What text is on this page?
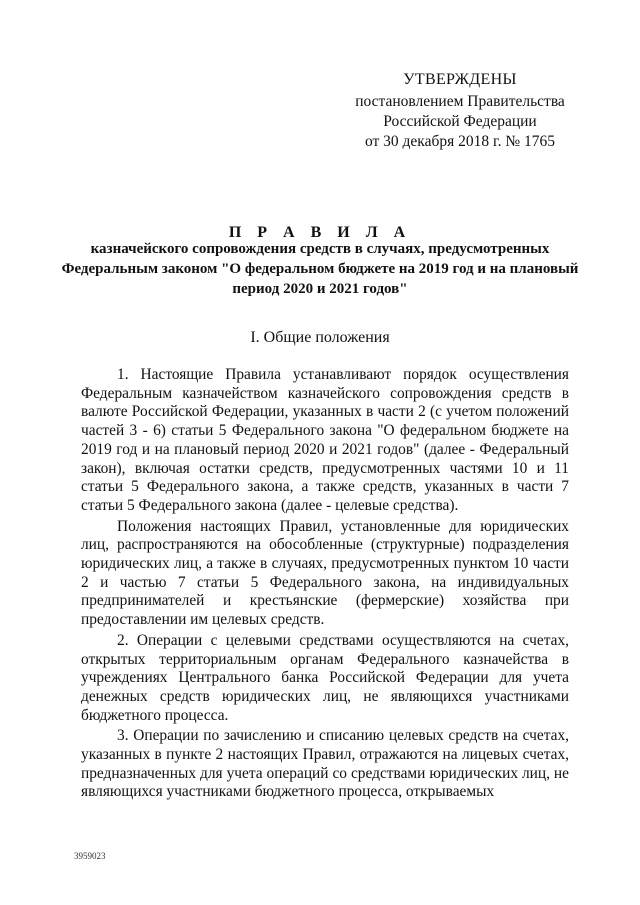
УТВЕРЖДЕНЫ
постановлением Правительства
Российской Федерации
от 30 декабря 2018 г. № 1765
П Р А В И Л А
казначейского сопровождения средств в случаях, предусмотренных Федеральным законом "О федеральном бюджете на 2019 год и на плановый период 2020 и 2021 годов"
I. Общие положения

1. Настоящие Правила устанавливают порядок осуществления Федеральным казначейством казначейского сопровождения средств в валюте Российской Федерации, указанных в части 2 (с учетом положений частей 3 - 6) статьи 5 Федерального закона "О федеральном бюджете на 2019 год и на плановый период 2020 и 2021 годов" (далее - Федеральный закон), включая остатки средств, предусмотренных частями 10 и 11 статьи 5 Федерального закона, а также средств, указанных в части 7 статьи 5 Федерального закона (далее - целевые средства).

Положения настоящих Правил, установленные для юридических лиц, распространяются на обособленные (структурные) подразделения юридических лиц, а также в случаях, предусмотренных пунктом 10 части 2 и частью 7 статьи 5 Федерального закона, на индивидуальных предпринимателей и крестьянские (фермерские) хозяйства при предоставлении им целевых средств.

2. Операции с целевыми средствами осуществляются на счетах, открытых территориальным органам Федерального казначейства в учреждениях Центрального банка Российской Федерации для учета денежных средств юридических лиц, не являющихся участниками бюджетного процесса.

3. Операции по зачислению и списанию целевых средств на счетах, указанных в пункте 2 настоящих Правил, отражаются на лицевых счетах, предназначенных для учета операций со средствами юридических лиц, не являющихся участниками бюджетного процесса, открываемых

3959023
